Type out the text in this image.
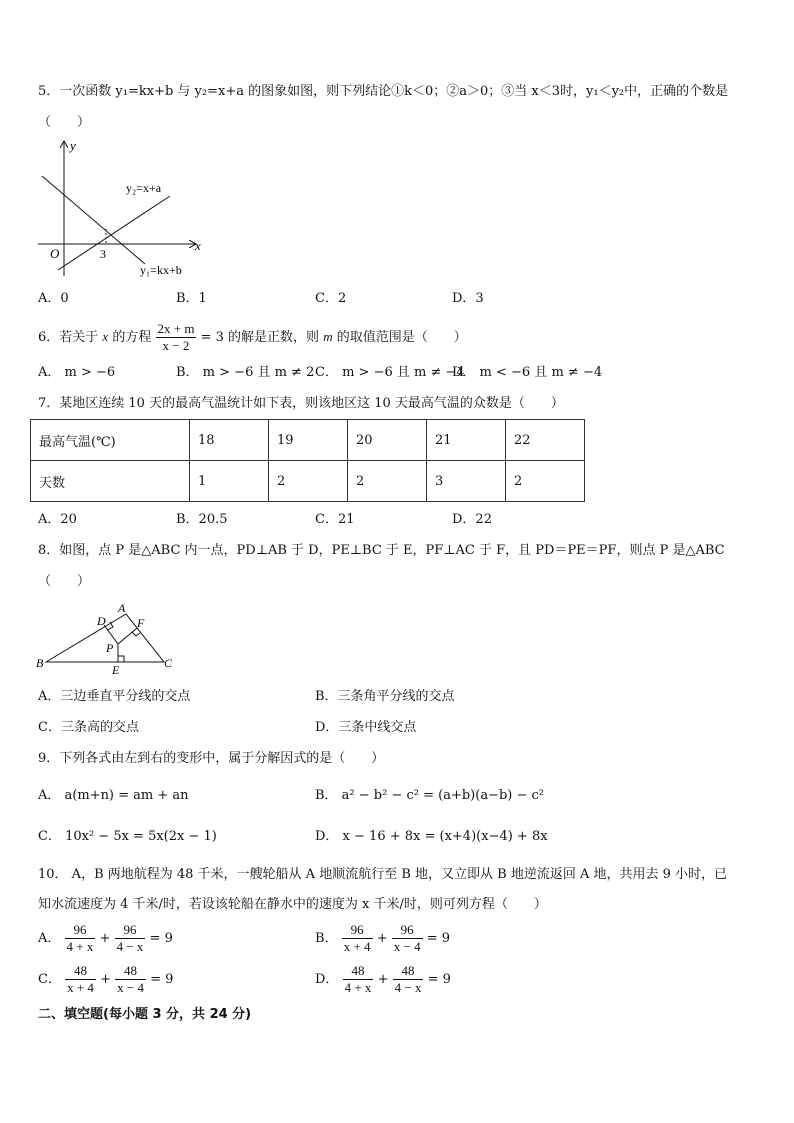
5．一次函数 y₁=kx+b 与 y₂=x+a 的图象如图，则下列结论①k＜0；②a＞0；③当 x＜3时，y₁＜y₂中，正确的个数是
（　　）
y
x
O	3
y₂=x+a
y₁=kx+b
A．0	B．1	C．2	D．3
6．若关于 x 的方程 $\frac{2x + m}{x - 2} = 3$ 的解是正数，则 m 的取值范围是（　　）
A． m > −6	B． m > −6 且 m ≠ 2 C． m > −6 且 m ≠ −4
D． m < −6 且 m ≠ −4
7．某地区连续 10 天的最高气温统计如下表，则该地区这 10 天最高气温的众数是（　　）
最高气温(℃)	18	19	20	21	22
天数	1	2	2	3	2
A．20	B．20.5	C．21	D．22
8．如图，点 P 是△ABC 内一点，PD⊥AB 于 D，PE⊥BC 于 E，PF⊥AC 于 F，且 PD＝PE＝PF，则点 P 是△ABC
（　　）
A
B	C
D
E
F
P
A．三边垂直平分线的交点	B．三条角平分线的交点
C．三条高的交点	D．三条中线交点
9．下列各式由左到右的变形中，属于分解因式的是（　　）
A． a(m+n) = am + an	B． a² − b² − c² = (a+b)(a−b) − c²
C． 10x² − 5x = 5x(2x − 1)	D． x − 16 + 8x = (x+4)(x−4) + 8x
10． A，B 两地航程为 48 千米，一艘轮船从 A 地顺流航行至 B 地，又立即从 B 地逆流返回 A 地，共用去 9 小时，已
知水流速度为 4 千米/时，若设该轮船在静水中的速度为 x 千米/时，则可列方程（　　）
A． $\frac{96}{4 + x} + \frac{96}{4 - x} = 9$	B． $\frac{96}{x + 4} + \frac{96}{x - 4} = 9$
C． $\frac{48}{x + 4} + \frac{48}{x - 4} = 9$	D． $\frac{48}{4 + x} + \frac{48}{4 - x} = 9$
二、填空题(每小题 3 分，共 24 分)
